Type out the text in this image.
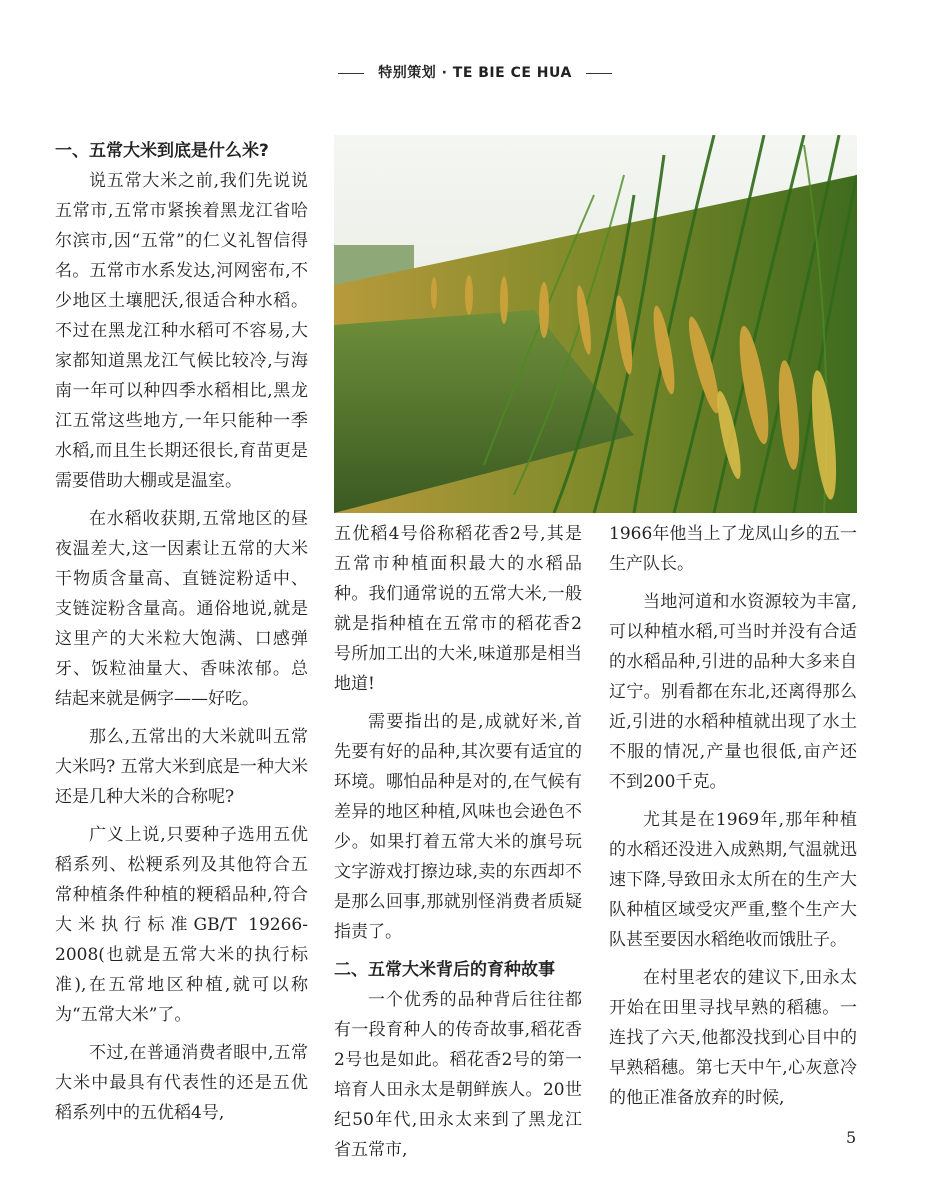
特别策划 · TE BIE CE HUA
一、五常大米到底是什么米?

说五常大米之前,我们先说说五常市,五常市紧挨着黑龙江省哈尔滨市,因“五常”的仁义礼智信得名。五常市水系发达,河网密布,不少地区土壤肥沃,很适合种水稻。不过在黑龙江种水稻可不容易,大家都知道黑龙江气候比较冷,与海南一年可以种四季水稻相比,黑龙江五常这些地方,一年只能种一季水稻,而且生长期还很长,育苗更是需要借助大棚或是温室。

在水稻收获期,五常地区的昼夜温差大,这一因素让五常的大米干物质含量高、直链淀粉适中、支链淀粉含量高。通俗地说,就是这里产的大米粒大饱满、口感弹牙、饭粒油量大、香味浓郁。总结起来就是俩字——好吃。

那么,五常出的大米就叫五常大米吗? 五常大米到底是一种大米还是几种大米的合称呢?

广义上说,只要种子选用五优稻系列、松粳系列及其他符合五常种植条件种植的粳稻品种,符合大米执行标准GB/T 19266-2008(也就是五常大米的执行标准),在五常地区种植,就可以称为“五常大米”了。

不过,在普通消费者眼中,五常大米中最具有代表性的还是五优稻系列中的五优稻4号,

五优稻4号俗称稻花香2号,其是五常市种植面积最大的水稻品种。我们通常说的五常大米,一般就是指种植在五常市的稻花香2号所加工出的大米,味道那是相当地道!

需要指出的是,成就好米,首先要有好的品种,其次要有适宜的环境。哪怕品种是对的,在气候有差异的地区种植,风味也会逊色不少。如果打着五常大米的旗号玩文字游戏打擦边球,卖的东西却不是那么回事,那就别怪消费者质疑指责了。

二、五常大米背后的育种故事

一个优秀的品种背后往往都有一段育种人的传奇故事,稻花香2号也是如此。稻花香2号的第一培育人田永太是朝鲜族人。20世纪50年代,田永太来到了黑龙江省五常市,

1966年他当上了龙凤山乡的五一生产队长。

当地河道和水资源较为丰富,可以种植水稻,可当时并没有合适的水稻品种,引进的品种大多来自辽宁。别看都在东北,还离得那么近,引进的水稻种植就出现了水土不服的情况,产量也很低,亩产还不到200千克。

尤其是在1969年,那年种植的水稻还没进入成熟期,气温就迅速下降,导致田永太所在的生产大队种植区域受灾严重,整个生产大队甚至要因水稻绝收而饿肚子。

在村里老农的建议下,田永太开始在田里寻找早熟的稻穗。一连找了六天,他都没找到心目中的早熟稻穗。第七天中午,心灰意冷的他正准备放弃的时候,

5
